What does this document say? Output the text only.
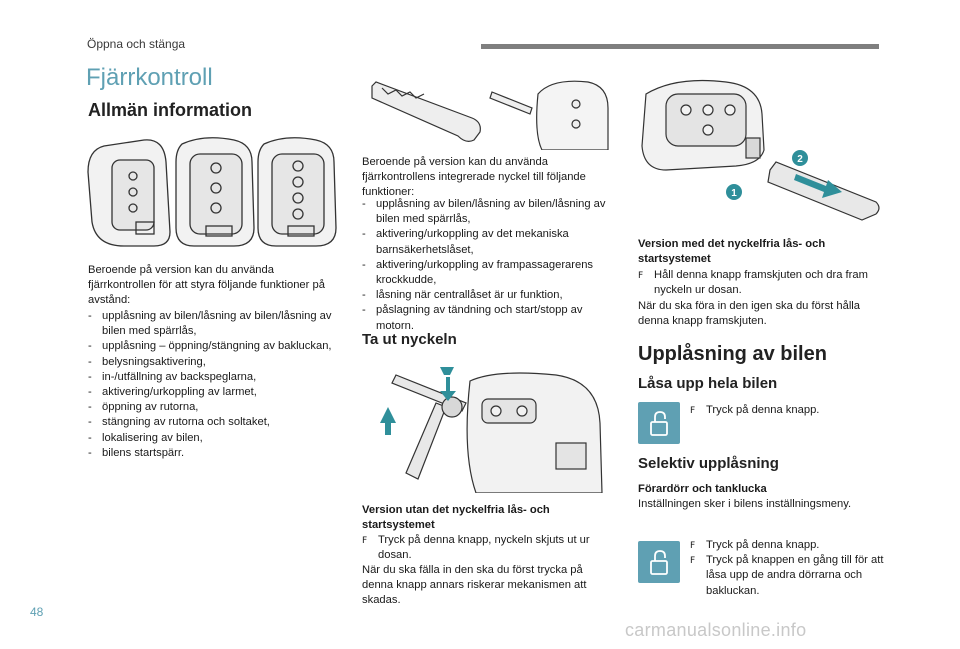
Öppna och stänga
Fjärrkontroll
Allmän information
Beroende på version kan du använda fjärrkontrollen för att styra följande funktioner på avstånd:
- upplåsning av bilen/låsning av bilen/låsning av bilen med spärrlås,
- upplåsning – öppning/stängning av bakluckan,
- belysningsaktivering,
- in-/utfällning av backspeglarna,
- aktivering/urkoppling av larmet,
- öppning av rutorna,
- stängning av rutorna och soltaket,
- lokalisering av bilen,
- bilens startspärr.
Beroende på version kan du använda fjärrkontrollens integrerade nyckel till följande funktioner:
- upplåsning av bilen/låsning av bilen/låsning av bilen med spärrlås,
- aktivering/urkoppling av det mekaniska barnsäkerhetslåset,
- aktivering/urkoppling av frampassagerarens krockkudde,
- låsning när centrallåset är ur funktion,
- påslagning av tändning och start/stopp av motorn.
Ta ut nyckeln
Version utan det nyckelfria lås- och startsystemet
F Tryck på denna knapp, nyckeln skjuts ut ur dosan.
När du ska fälla in den ska du först trycka på denna knapp annars riskerar mekanismen att skadas.
1
2
Version med det nyckelfria lås- och startsystemet
F Håll denna knapp framskjuten och dra fram nyckeln ur dosan.
När du ska föra in den igen ska du först hålla denna knapp framskjuten.
Upplåsning av bilen
Låsa upp hela bilen
F Tryck på denna knapp.
Selektiv upplåsning
Förardörr och tanklucka
Inställningen sker i bilens inställningsmeny.
F Tryck på denna knapp.
F Tryck på knappen en gång till för att låsa upp de andra dörrarna och bakluckan.
48
carmanualsonline.info
